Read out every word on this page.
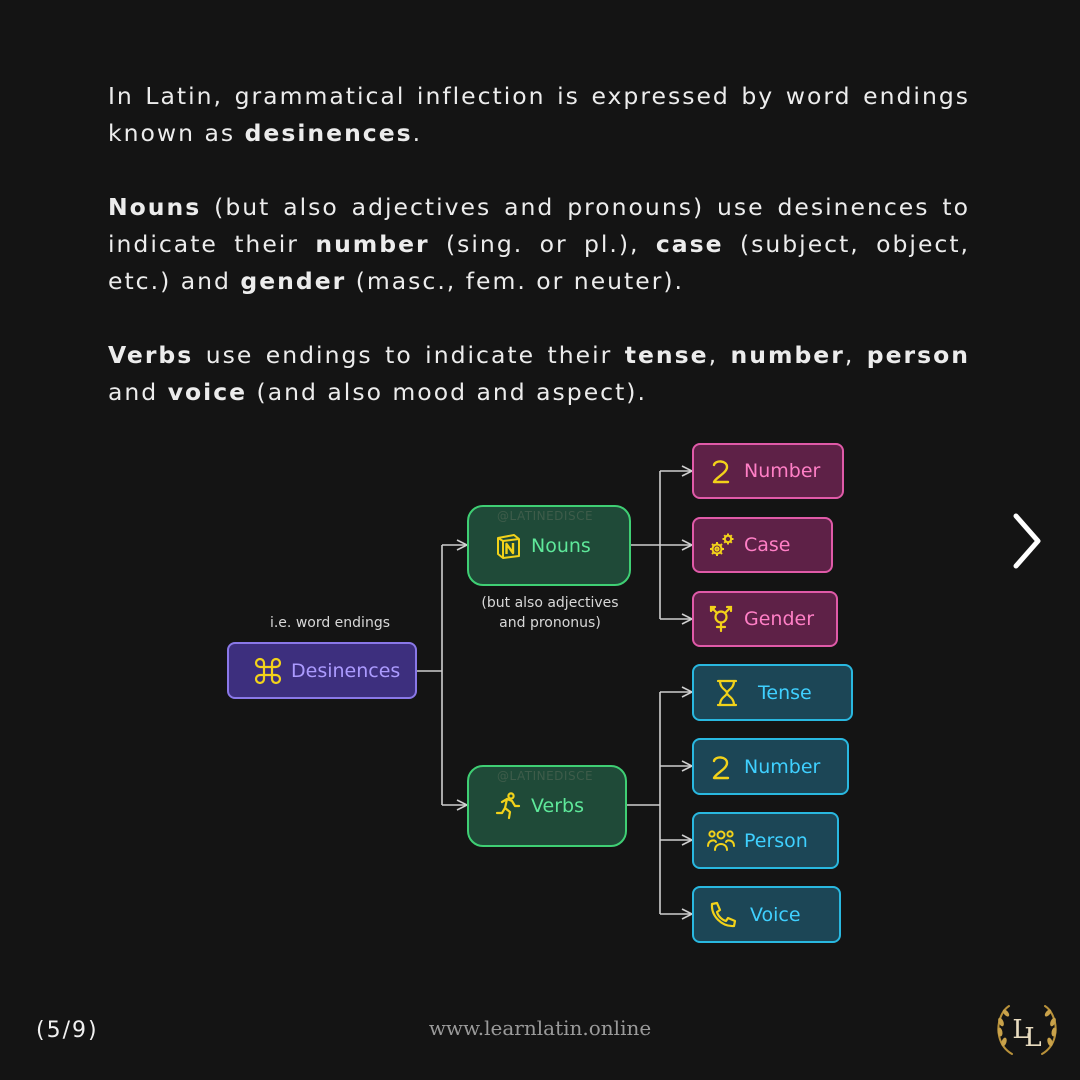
In Latin, grammatical inflection is expressed by word endings known as desinences.

Nouns (but also adjectives and pronouns) use desinences to indicate their number (sing. or pl.), case (subject, object, etc.) and gender (masc., fem. or neuter).

Verbs use endings to indicate their tense, number, person and voice (and also mood and aspect).

i.e. word endings
Desinences
@LATINEDISCE
Nouns
(but also adjectives
and prononus)
Number
Case
Gender
@LATINEDISCE
Verbs
Tense
Number
Person
Voice
(5/9)	www.learnlatin.online	L
L
